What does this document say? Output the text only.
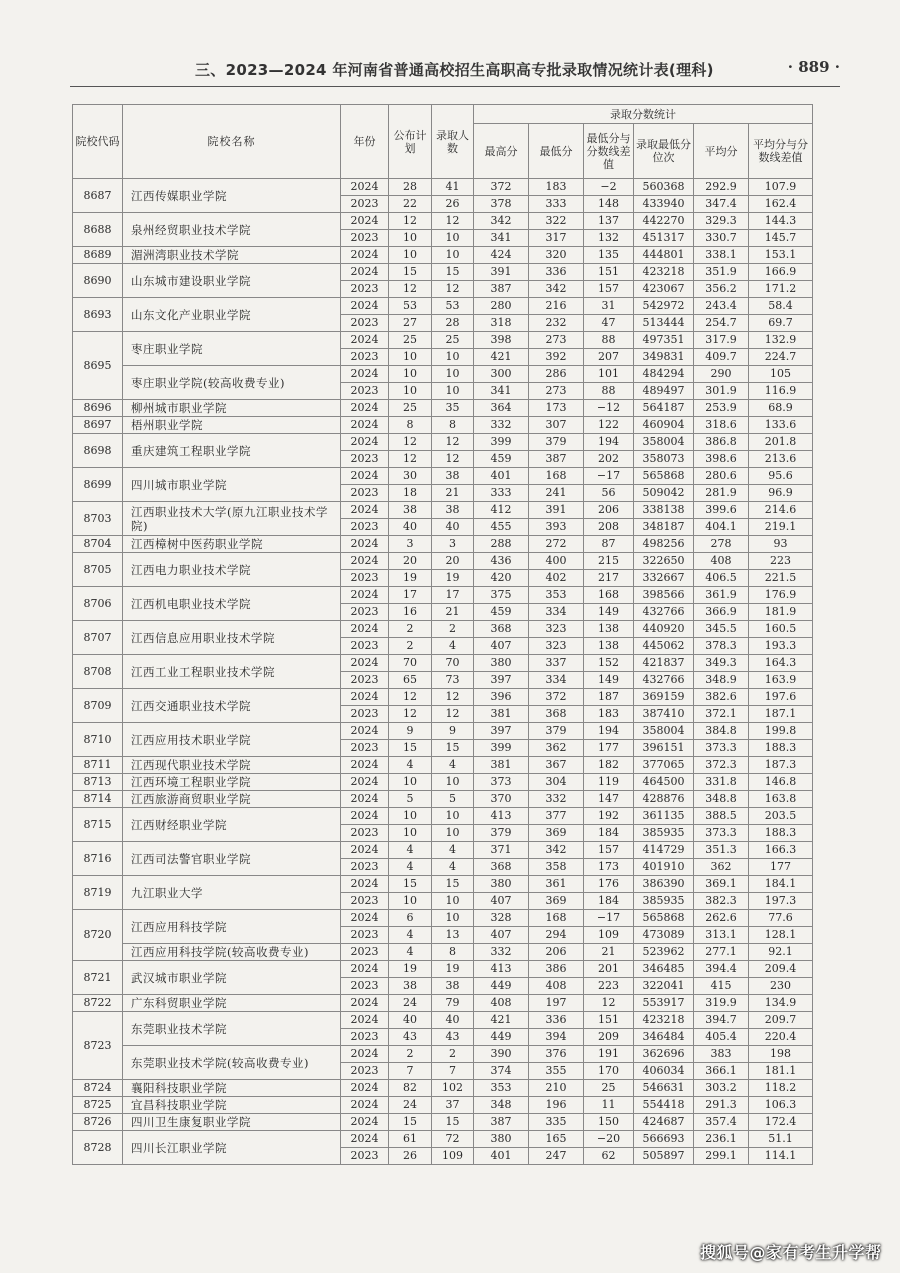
三、2023—2024 年河南省普通高校招生高职高专批录取情况统计表(理科)	· 889 ·
院校代码	院校名称	年份	公布计划	录取人数	录取分数统计					
					最高分	最低分	最低分与分数线差值	录取最低分位次	平均分	平均分与分数线差值
8687	江西传媒职业学院	2024	28	41	372	183	−2	560368	292.9	107.9
		2023	22	26	378	333	148	433940	347.4	162.4
8688	泉州经贸职业技术学院	2024	12	12	342	322	137	442270	329.3	144.3
		2023	10	10	341	317	132	451317	330.7	145.7
8689	湄洲湾职业技术学院	2024	10	10	424	320	135	444801	338.1	153.1
8690	山东城市建设职业学院	2024	15	15	391	336	151	423218	351.9	166.9
		2023	12	12	387	342	157	423067	356.2	171.2
8693	山东文化产业职业学院	2024	53	53	280	216	31	542972	243.4	58.4
		2023	27	28	318	232	47	513444	254.7	69.7
8695	枣庄职业学院	2024	25	25	398	273	88	497351	317.9	132.9
		2023	10	10	421	392	207	349831	409.7	224.7
	枣庄职业学院(较高收费专业)	2024	10	10	300	286	101	484294	290	105
		2023	10	10	341	273	88	489497	301.9	116.9
8696	柳州城市职业学院	2024	25	35	364	173	−12	564187	253.9	68.9
8697	梧州职业学院	2024	8	8	332	307	122	460904	318.6	133.6
8698	重庆建筑工程职业学院	2024	12	12	399	379	194	358004	386.8	201.8
		2023	12	12	459	387	202	358073	398.6	213.6
8699	四川城市职业学院	2024	30	38	401	168	−17	565868	280.6	95.6
		2023	18	21	333	241	56	509042	281.9	96.9
8703	江西职业技术大学(原九江职业技术学院)	2024	38	38	412	391	206	338138	399.6	214.6
		2023	40	40	455	393	208	348187	404.1	219.1
8704	江西樟树中医药职业学院	2024	3	3	288	272	87	498256	278	93
8705	江西电力职业技术学院	2024	20	20	436	400	215	322650	408	223
		2023	19	19	420	402	217	332667	406.5	221.5
8706	江西机电职业技术学院	2024	17	17	375	353	168	398566	361.9	176.9
		2023	16	21	459	334	149	432766	366.9	181.9
8707	江西信息应用职业技术学院	2024	2	2	368	323	138	440920	345.5	160.5
		2023	2	4	407	323	138	445062	378.3	193.3
8708	江西工业工程职业技术学院	2024	70	70	380	337	152	421837	349.3	164.3
		2023	65	73	397	334	149	432766	348.9	163.9
8709	江西交通职业技术学院	2024	12	12	396	372	187	369159	382.6	197.6
		2023	12	12	381	368	183	387410	372.1	187.1
8710	江西应用技术职业学院	2024	9	9	397	379	194	358004	384.8	199.8
		2023	15	15	399	362	177	396151	373.3	188.3
8711	江西现代职业技术学院	2024	4	4	381	367	182	377065	372.3	187.3
8713	江西环境工程职业学院	2024	10	10	373	304	119	464500	331.8	146.8
8714	江西旅游商贸职业学院	2024	5	5	370	332	147	428876	348.8	163.8
8715	江西财经职业学院	2024	10	10	413	377	192	361135	388.5	203.5
		2023	10	10	379	369	184	385935	373.3	188.3
8716	江西司法警官职业学院	2024	4	4	371	342	157	414729	351.3	166.3
		2023	4	4	368	358	173	401910	362	177
8719	九江职业大学	2024	15	15	380	361	176	386390	369.1	184.1
		2023	10	10	407	369	184	385935	382.3	197.3
8720	江西应用科技学院	2024	6	10	328	168	−17	565868	262.6	77.6
		2023	4	13	407	294	109	473089	313.1	128.1
	江西应用科技学院(较高收费专业)	2023	4	8	332	206	21	523962	277.1	92.1
8721	武汉城市职业学院	2024	19	19	413	386	201	346485	394.4	209.4
		2023	38	38	449	408	223	322041	415	230
8722	广东科贸职业学院	2024	24	79	408	197	12	553917	319.9	134.9
8723	东莞职业技术学院	2024	40	40	421	336	151	423218	394.7	209.7
		2023	43	43	449	394	209	346484	405.4	220.4
	东莞职业技术学院(较高收费专业)	2024	2	2	390	376	191	362696	383	198
		2023	7	7	374	355	170	406034	366.1	181.1
8724	襄阳科技职业学院	2024	82	102	353	210	25	546631	303.2	118.2
8725	宜昌科技职业学院	2024	24	37	348	196	11	554418	291.3	106.3
8726	四川卫生康复职业学院	2024	15	15	387	335	150	424687	357.4	172.4
8728	四川长江职业学院	2024	61	72	380	165	−20	566693	236.1	51.1
		2023	26	109	401	247	62	505897	299.1	114.1
搜狐号@家有考生升学帮
